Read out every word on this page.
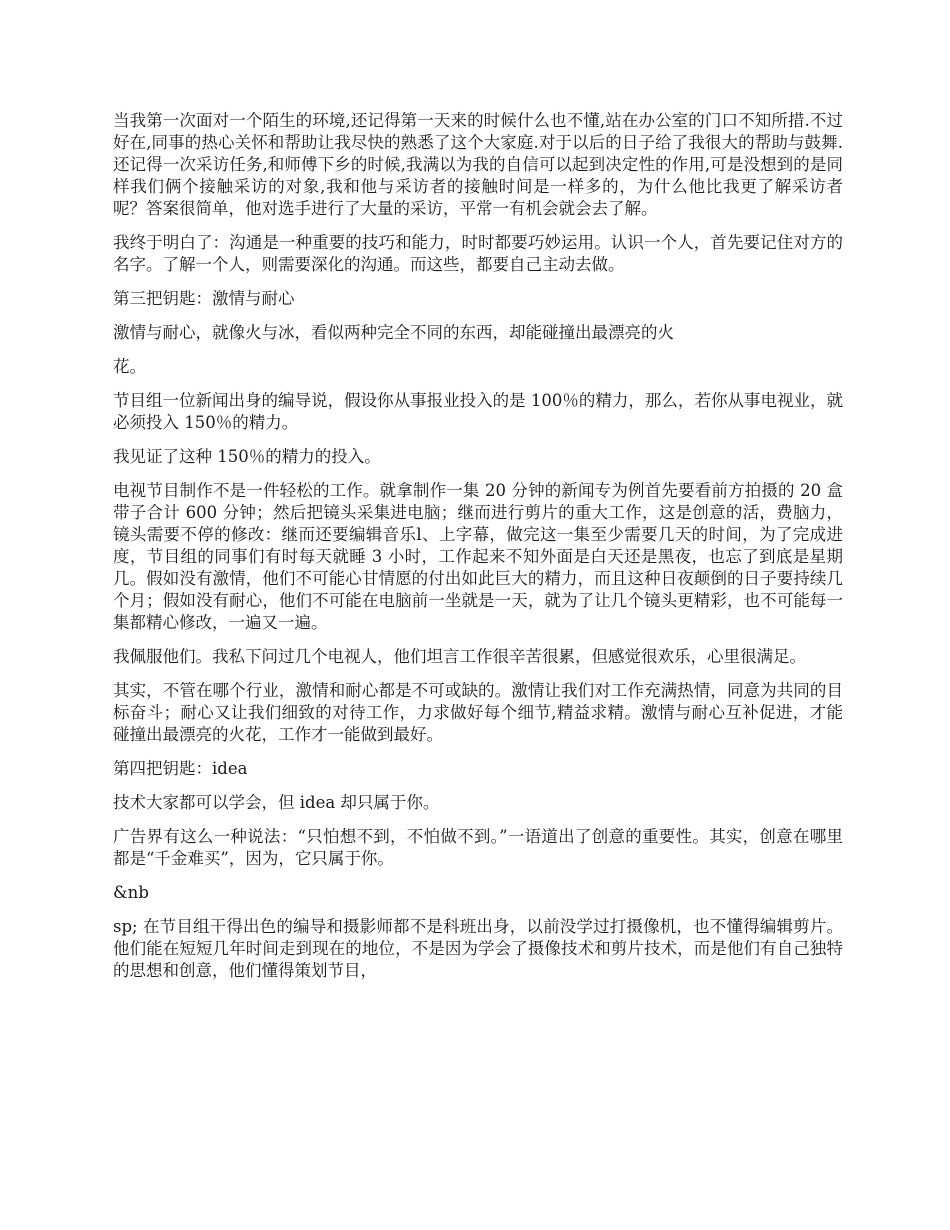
当我第一次面对一个陌生的环境,还记得第一天来的时候什么也不懂,站在办公室的门口不知所措.不过好在,同事的热心关怀和帮助让我尽快的熟悉了这个大家庭.对于以后的日子给了我很大的帮助与鼓舞.还记得一次采访任务,和师傅下乡的时候,我满以为我的自信可以起到决定性的作用,可是没想到的是同样我们俩个接触采访的对象,我和他与采访者的接触时间是一样多的，为什么他比我更了解采访者呢？答案很简单，他对选手进行了大量的采访，平常一有机会就会去了解。

我终于明白了：沟通是一种重要的技巧和能力，时时都要巧妙运用。认识一个人，首先要记住对方的名字。了解一个人，则需要深化的沟通。而这些，都要自己主动去做。

第三把钥匙：激情与耐心

激情与耐心，就像火与冰，看似两种完全不同的东西，却能碰撞出最漂亮的火

花。

节目组一位新闻出身的编导说，假设你从事报业投入的是 100％的精力，那么，若你从事电视业，就必须投入 150％的精力。

我见证了这种 150％的精力的投入。

电视节目制作不是一件轻松的工作。就拿制作一集 20 分钟的新闻专为例首先要看前方拍摄的 20 盒带子合计 600 分钟；然后把镜头采集进电脑；继而进行剪片的重大工作，这是创意的活，费脑力，镜头需要不停的修改：继而还要编辑音乐l、上字幕，做完这一集至少需要几天的时间，为了完成进度，节目组的同事们有时每天就睡 3 小时，工作起来不知外面是白天还是黑夜，也忘了到底是星期几。假如没有激情，他们不可能心甘情愿的付出如此巨大的精力，而且这种日夜颠倒的日子要持续几个月；假如没有耐心，他们不可能在电脑前一坐就是一天，就为了让几个镜头更精彩，也不可能每一集都精心修改，一遍又一遍。

我佩服他们。我私下问过几个电视人，他们坦言工作很辛苦很累，但感觉很欢乐，心里很满足。

其实，不管在哪个行业，激情和耐心都是不可或缺的。激情让我们对工作充满热情，同意为共同的目标奋斗；耐心又让我们细致的对待工作，力求做好每个细节,精益求精。激情与耐心互补促进，才能碰撞出最漂亮的火花，工作才一能做到最好。

第四把钥匙：idea

技术大家都可以学会，但 idea 却只属于你。

广告界有这么一种说法：“只怕想不到，不怕做不到。”一语道出了创意的重要性。其实，创意在哪里都是“千金难买”，因为，它只属于你。

&nb

sp; 在节目组干得出色的编导和摄影师都不是科班出身，以前没学过打摄像机，也不懂得编辑剪片。他们能在短短几年时间走到现在的地位，不是因为学会了摄像技术和剪片技术，而是他们有自己独特的思想和创意，他们懂得策划节目，
